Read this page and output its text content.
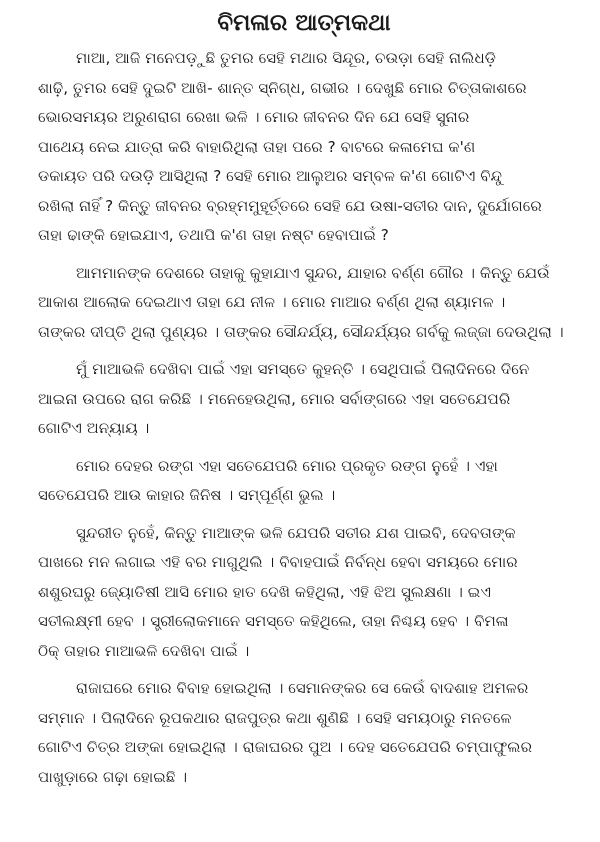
ବିମଳାର ଆତ୍ମକଥା
ମାଆ, ଆଜି ମନେପଡ଼ୁଛି ତୁମର ସେହି ମଥାର ସିନ୍ଦୂର, ଚଉଡ଼ା ସେହି ନାଲିଧଡ଼ି
ଶାଢ଼ି, ତୁମର ସେହି ଦୁଇଟି ଆଖି- ଶାନ୍ତ ସ୍ନିଗ୍ଧ, ଗଭୀର । ଦେଖୁଛି ମୋର ଚିତ୍ତାକାଶରେ
ଭୋରସମୟର ଅରୁଣରାଗ ରେଖା ଭଳି । ମୋର ଜୀବନର ଦିନ ଯେ ସେହି ସୁନାର
ପାଥେୟ ନେଇ ଯାତ୍ରା କରି ବାହାରିଥିଲା ତାହା ପରେ ? ବାଟରେ କଳାମେଘ କ'ଣ
ଡକାୟତ ପରି ଦଉଡ଼ି ଆସିଥିଲା ? ସେହି ମୋର ଆଲୁଅର ସମ୍ବଳ କ'ଣ ଗୋଟିଏ ବିନ୍ଦୁ
ରଖିଲା ନାହିଁ ? କିନ୍ତୁ ଜୀବନର ବ୍ରହ୍ମମୁହୂର୍ତ୍ତରେ ସେହି ଯେ ଉଷା-ସତୀର ଦାନ, ଦୁର୍ଯୋଗରେ
ତାହା ଢାଙ୍କି ହୋଇଯାଏ, ତଥାପି କ'ଣ ତାହା ନଷ୍ଟ ହେବାପାଇଁ ?
ଆମମାନଙ୍କ ଦେଶରେ ତାହାକୁ କୁହାଯାଏ ସୁନ୍ଦର, ଯାହାର ବର୍ଣ୍ଣ ଗୌର । କିନ୍ତୁ ଯେଉଁ
ଆକାଶ ଆଲୋକ ଦେଇଥାଏ ତାହା ଯେ ନୀଳ । ମୋର ମାଆର ବର୍ଣ୍ଣ ଥିଲା ଶ୍ୟାମଳ ।
ତାଙ୍କର ଦୀପ୍ତି ଥିଲା ପୁଣ୍ୟର । ତାଙ୍କର ସୌନ୍ଦର୍ଯ୍ୟ, ସୌନ୍ଦର୍ଯ୍ୟର ଗର୍ବକୁ ଲଜ୍ଜା ଦେଉଥିଲା ।
ମୁଁ ମାଆଭଳି ଦେଖିବା ପାଇଁ ଏହା ସମସ୍ତେ କୁହନ୍ତି । ସେଥିପାଇଁ ପିଲାଦିନରେ ଦିନେ
ଆଇନା ଉପରେ ରାଗ କରିଛି । ମନେହେଉଥିଲା, ମୋର ସର୍ବାଙ୍ଗରେ ଏହା ସତେଯେପରି
ଗୋଟିଏ ଅନ୍ୟାୟ ।
ମୋର ଦେହର ରଙ୍ଗ ଏହା ସତେଯେପରି ମୋର ପ୍ରକୃତ ରଙ୍ଗ ନୁହେଁ । ଏହା
ସତେଯେପରି ଆଉ କାହାର ଜିନିଷ । ସମ୍ପୂର୍ଣ୍ଣ ଭୁଲ ।
ସୁନ୍ଦରୀତ ନୁହେଁ, କିନ୍ତୁ ମାଆଙ୍କ ଭଳି ଯେପରି ସତୀର ଯଶ ପାଇବି, ଦେବତାଙ୍କ
ପାଖରେ ମନ ଲଗାଇ ଏହି ବର ମାଗୁଥିଲି । ବିବାହପାଇଁ ନିର୍ବନ୍ଧ ହେବା ସମୟରେ ମୋର
ଶଶୁରଘରୁ ଜ୍ୟୋତିଷୀ ଆସି ମୋର ହାତ ଦେଖି କହିଥିଲା, ଏହି ଝିଅ ସୁଲକ୍ଷଣା । ଇଏ
ସତୀଲକ୍ଷ୍ମୀ ହେବ । ସ୍ତ୍ରୀଲୋକମାନେ ସମସ୍ତେ କହିଥିଲେ, ତାହା ନିଶ୍ଚୟ ହେବ । ବିମଳା
ଠିକ୍ ତାହାର ମାଆଭଳି ଦେଖିବା ପାଇଁ ।
ରାଜାଘରେ ମୋର ବିବାହ ହୋଇଥିଲା । ସେମାନଙ୍କର ସେ କେଉଁ ବାଦଶାହ ଅମଳର
ସମ୍ମାନ । ପିଲାଦିନେ ରୂପକଥାର ରାଜପୁତ୍ର କଥା ଶୁଣିଛି । ସେହି ସମୟଠାରୁ ମନତଳେ
ଗୋଟିଏ ଚିତ୍ର ଅଙ୍କା ହୋଇଥିଲା । ରାଜାଘରର ପୁଅ । ଦେହ ସତେଯେପରି ଚମ୍ପାଫୁଲର
ପାଖୁଡ଼ାରେ ଗଢ଼ା ହୋଇଛି ।
